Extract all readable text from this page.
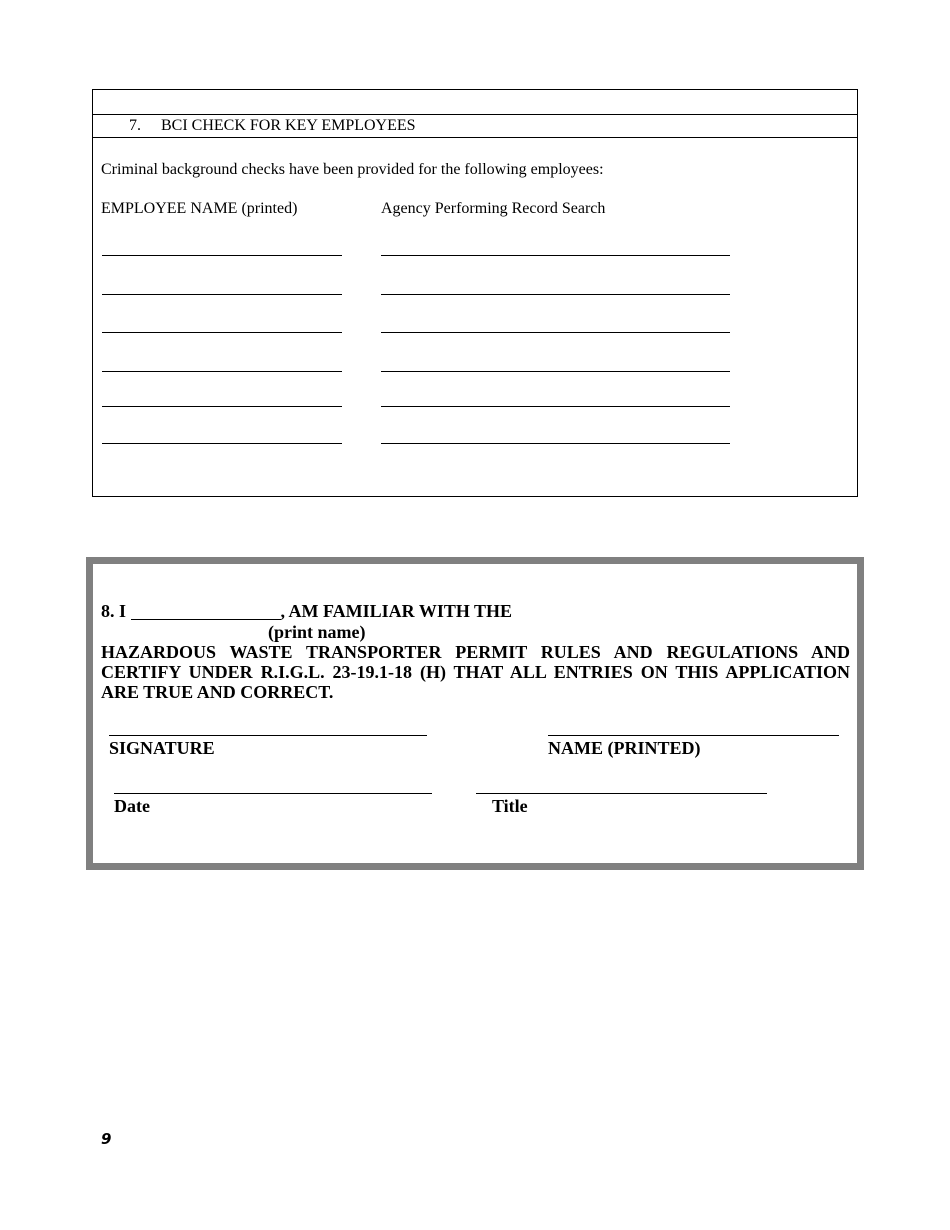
7. BCI CHECK FOR KEY EMPLOYEES
Criminal background checks have been provided for the following employees:
EMPLOYEE NAME (printed)	Agency Performing Record Search
8. I	, AM FAMILIAR WITH THE
(print name)
HAZARDOUS WASTE TRANSPORTER PERMIT RULES AND REGULATIONS AND CERTIFY UNDER R.I.G.L. 23-19.1-18 (H) THAT ALL ENTRIES ON THIS APPLICATION ARE TRUE AND CORRECT.
SIGNATURE	NAME (PRINTED)
Date	Title
9
